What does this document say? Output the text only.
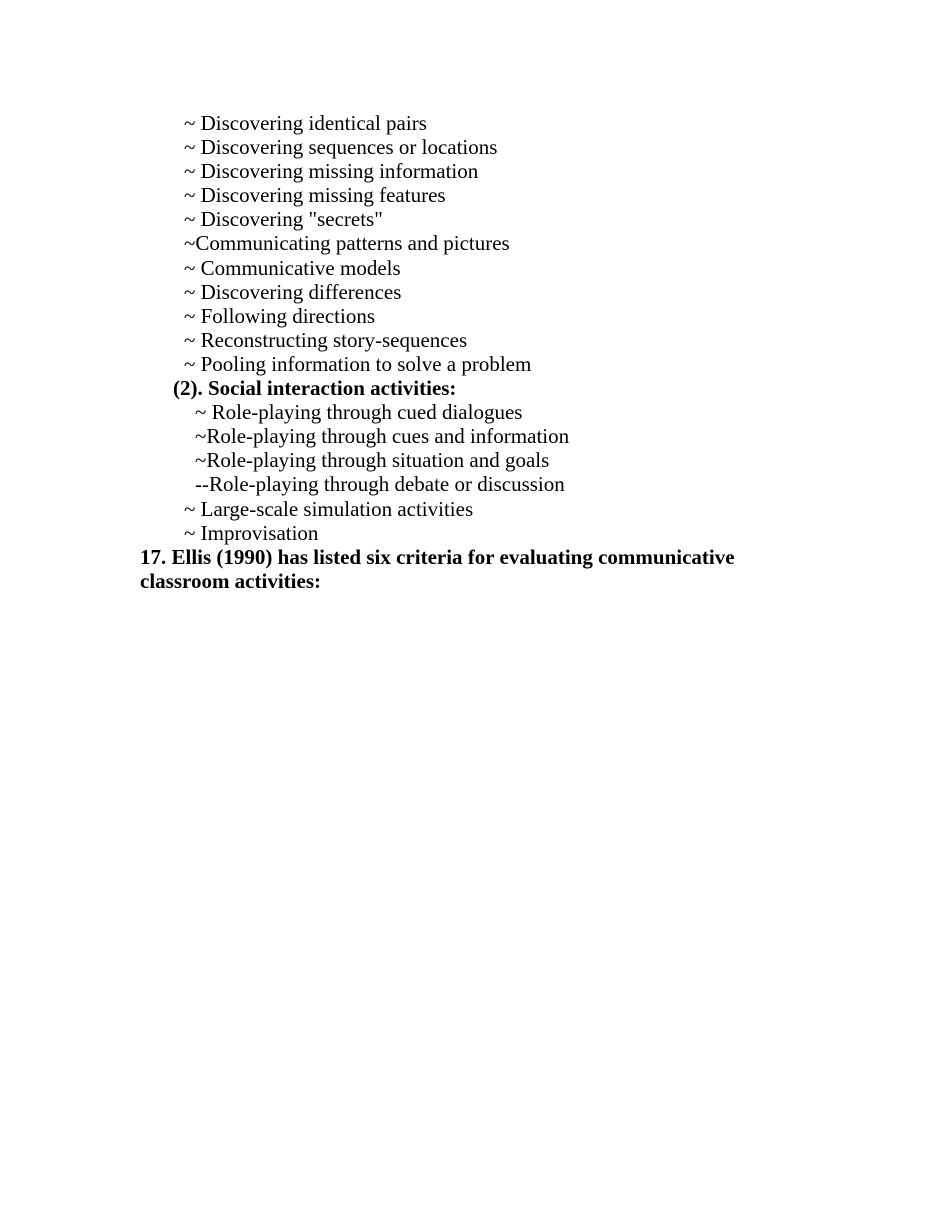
~ Discovering identical pairs

~ Discovering sequences or locations

~ Discovering missing information

~ Discovering missing features

~ Discovering "secrets"

~Communicating patterns and pictures

~ Communicative models

~ Discovering differences

~ Following directions

~ Reconstructing story-sequences

~ Pooling information to solve a problem

(2). Social interaction activities:

~ Role-playing through cued dialogues

~Role-playing through cues and information

~Role-playing through situation and goals

--Role-playing through debate or discussion

~ Large-scale simulation activities

~ Improvisation

17. Ellis (1990) has listed six criteria for evaluating communicative classroom activities:
